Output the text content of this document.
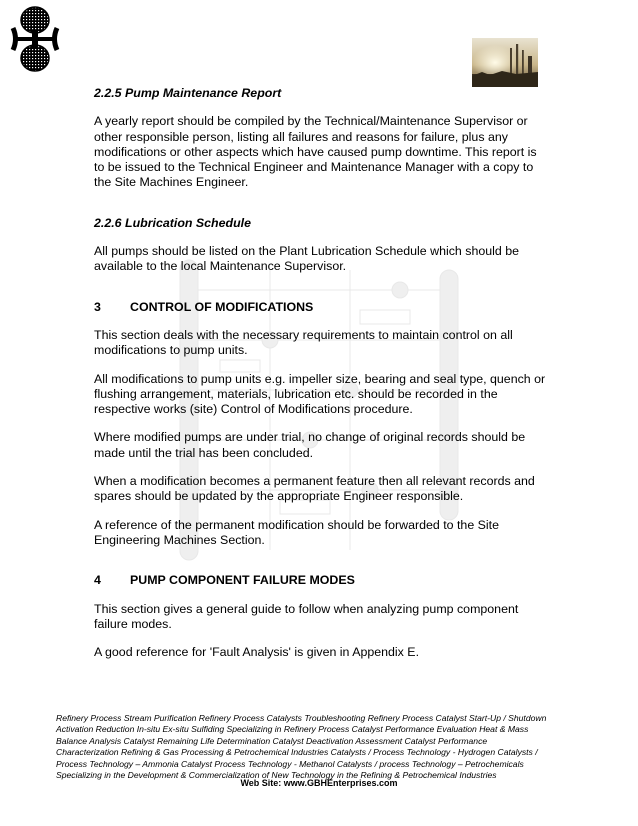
2.2.5 Pump Maintenance Report

A yearly report should be compiled by the Technical/Maintenance Supervisor or other responsible person, listing all failures and reasons for failure, plus any modifications or other aspects which have caused pump downtime. This report is to be issued to the Technical Engineer and Maintenance Manager with a copy to the Site Machines Engineer.

2.2.6 Lubrication Schedule

All pumps should be listed on the Plant Lubrication Schedule which should be available to the local Maintenance Supervisor.

3 CONTROL OF MODIFICATIONS

This section deals with the necessary requirements to maintain control on all modifications to pump units.

All modifications to pump units e.g. impeller size, bearing and seal type, quench or flushing arrangement, materials, lubrication etc. should be recorded in the respective works (site) Control of Modifications procedure.

Where modified pumps are under trial, no change of original records should be made until the trial has been concluded.

When a modification becomes a permanent feature then all relevant records and spares should be updated by the appropriate Engineer responsible.

A reference of the permanent modification should be forwarded to the Site Engineering Machines Section.

4 PUMP COMPONENT FAILURE MODES

This section gives a general guide to follow when analyzing pump component failure modes.

A good reference for 'Fault Analysis' is given in Appendix E.

Refinery Process Stream Purification Refinery Process Catalysts Troubleshooting Refinery Process Catalyst Start-Up / Shutdown

Activation Reduction In-situ Ex-situ Sulfiding Specializing in Refinery Process Catalyst Performance Evaluation Heat & Mass

Balance Analysis Catalyst Remaining Life Determination Catalyst Deactivation Assessment Catalyst Performance

Characterization Refining & Gas Processing & Petrochemical Industries Catalysts / Process Technology - Hydrogen Catalysts /

Process Technology – Ammonia Catalyst Process Technology - Methanol Catalysts / process Technology – Petrochemicals

Specializing in the Development & Commercialization of New Technology in the Refining & Petrochemical Industries

Web Site: www.GBHEnterprises.com
